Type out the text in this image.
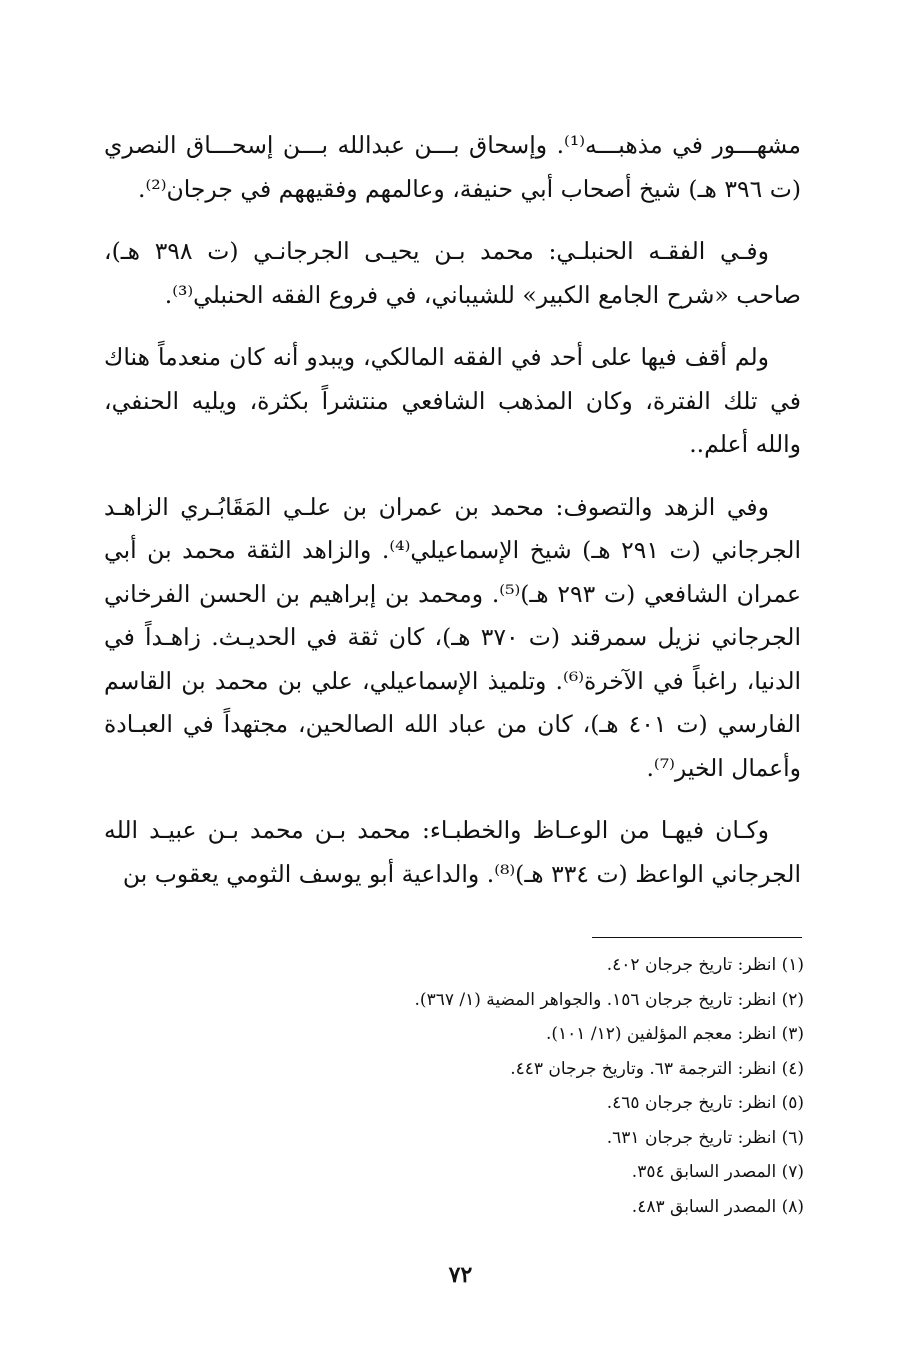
مشهـــور في مذهبـــه⁽¹⁾. وإسحاق بـــن عبدالله بـــن إسحـــاق النصري (ت ٣٩٦ هـ) شيخ أصحاب أبي حنيفة، وعالمهم وفقيههم في جرجان⁽²⁾.

وفـي الفقـه الحنبلـي: محمد بـن يحيـى الجرجانـي (ت ٣٩٨ هـ)، صاحب «شرح الجامع الكبير» للشيباني، في فروع الفقه الحنبلي⁽³⁾.

ولم أقف فيها على أحد في الفقه المالكي، ويبدو أنه كان منعدماً هناك في تلك الفترة، وكان المذهب الشافعي منتشراً بكثرة، ويليه الحنفي، والله أعلم..

وفي الزهد والتصوف: محمد بن عمران بن علـي المَقَابُـري الزاهـد الجرجاني (ت ٢٩١ هـ) شيخ الإسماعيلي⁽⁴⁾. والزاهد الثقة محمد بن أبي عمران الشافعي (ت ٢٩٣ هـ)⁽⁵⁾. ومحمد بن إبراهيم بن الحسن الفرخاني الجرجاني نزيل سمرقند (ت ٣٧٠ هـ)، كان ثقة في الحديـث. زاهـداً في الدنيا، راغباً في الآخرة⁽⁶⁾. وتلميذ الإسماعيلي، علي بن محمد بن القاسم الفارسي (ت ٤٠١ هـ)، كان من عباد الله الصالحين، مجتهداً في العبـادة وأعمال الخير⁽⁷⁾.

وكـان فيهـا من الوعـاظ والخطبـاء: محمد بـن محمد بـن عبيـد الله الجرجاني الواعظ (ت ٣٣٤ هـ)⁽⁸⁾. والداعية أبو يوسف الثومي يعقوب بن

(١) انظر: تاريخ جرجان ٤٠٢.
(٢) انظر: تاريخ جرجان ١٥٦. والجواهر المضية (١/ ٣٦٧).
(٣) انظر: معجم المؤلفين (١٢/ ١٠١).
(٤) انظر: الترجمة ٦٣. وتاريخ جرجان ٤٤٣.
(٥) انظر: تاريخ جرجان ٤٦٥.
(٦) انظر: تاريخ جرجان ٦٣١.
(٧) المصدر السابق ٣٥٤.
(٨) المصدر السابق ٤٨٣.
٧٢
